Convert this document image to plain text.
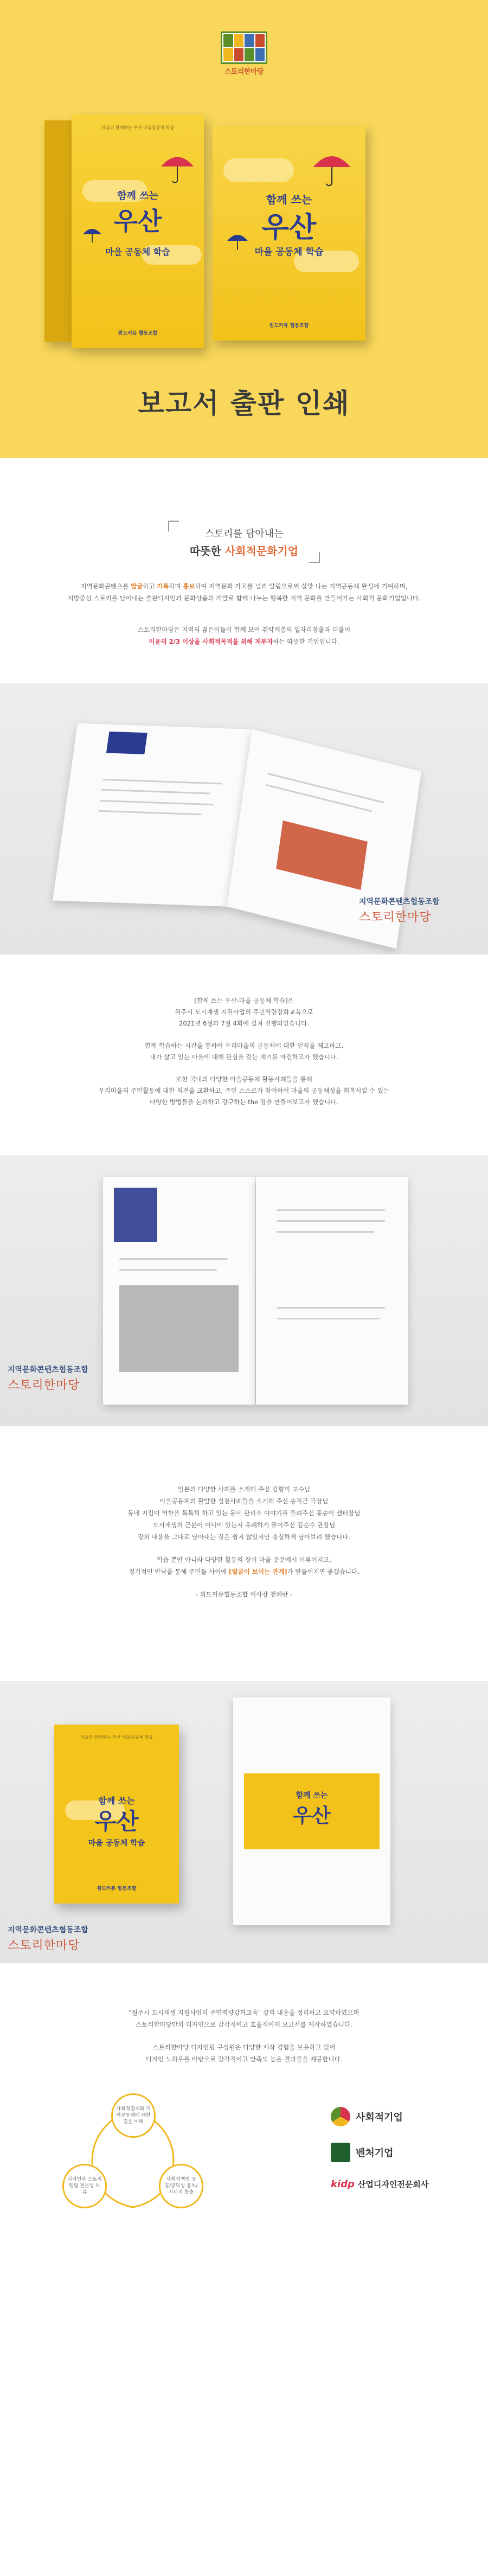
스토리한마당
마을과 함께하는 우산 마을공동체 학습
함께 쓰는
우산
마을 공동체 학습
원도커뮤 협동조합
함께 쓰는
우산
마을 공동체 학습
원도커뮤 협동조합
보고서 출판 인쇄
스토리를 담아내는
따뜻한 사회적문화기업

지역문화콘텐츠를 발굴하고 기록하며 홍보하여 지역문화 가치를 널리 알림으로써 살맛 나는 지역공동체 완성에 기여하며,

지방중심 스토리를 담아내는 출판디자인과 문화상품의 개발로 함께 나누는 행복한 지역 문화를 만들어가는 사회적 문화기업입니다.

스토리한마당은 지역의 젊은이들이 함께 모여 취약계층의 일자리창출과 더불어

이윤의 2/3 이상을 사회적목적을 위해 재투자하는 따뜻한 기업입니다.

지역문화콘텐츠협동조합
스토리한마당

[함께 쓰는 우산-마을 공동체 학습]은

원주시 도시재생 지원사업의 주민역량강화교육으로

2021년 6월과 7월 4회에 걸쳐 진행되었습니다.

함께 학습하는 시간을 통하여 우리마을의 공동체에 대한 인식을 제고하고,

내가 살고 있는 마을에 대해 관심을 갖는 계기를 마련하고자 했습니다.

또한 국내외 다양한 마을공동체 활동사례들을 통해

우리마을의 주민활동에 대한 의견을 교환하고, 주민 스스로가 참여하여 마을의 공동체성을 회복시킬 수 있는

다양한 방법들을 논의하고 강구하는 the 장을 만들어보고자 했습니다.

지역문화콘텐츠협동조합
스토리한마당

일본의 다양한 사례를 소개해 주신 김형미 교수님

마을공동체의 활발한 실천사례들을 소개해 주신 송직근 국장님

동네 지킴이 역할을 톡톡히 하고 있는 동네 관리소 이야기를 들려주신 홍송이 센터장님

도시재생의 근본이 어디에 있는지 유쾌하게 풀어주신 김순수 관장님

강의 내용을 그대로 담아내는 것은 쉽지 않았지만 충실하게 담아보려 했습니다.

학습 뿐만 아니라 다양한 활동의 장이 마을 곳곳에서 이루어지고,

정기적인 만남을 통해 주민들 사이에 [얼굴이 보이는 관계]가 만들어지면 좋겠습니다.

- 위드커뮤협동조합 이사장 천혜란 -

마을과 함께하는 우산 마을공동체 학습
함께 쓰는
우산
마을 공동체 학습
원도커뮤 협동조합
함께 쓰는
우산
지역문화콘텐츠협동조합
스토리한마당

"원주시 도시재생 지원사업의 주민역량강화교육" 강의 내용을 정리하고 요약하였으며

스토리한마당만의 디자인으로 감각적이고 효율적이게 보고서를 제작하였습니다.

스토리한마당 디자인팀 구성원은 다양한 제작 경험을 보유하고 있어

디자인 노하우를 바탕으로 감각적이고 만족도 높은 결과물을 제공합니다.

사회적경제와 지역공동체에 대한 깊은 이해
디자인과 스토리텔링 전문성 보유
사회적책임 공공/공익성 홍보/시너지 창출
사회적기업
벤처기업
kidp 산업디자인전문회사
